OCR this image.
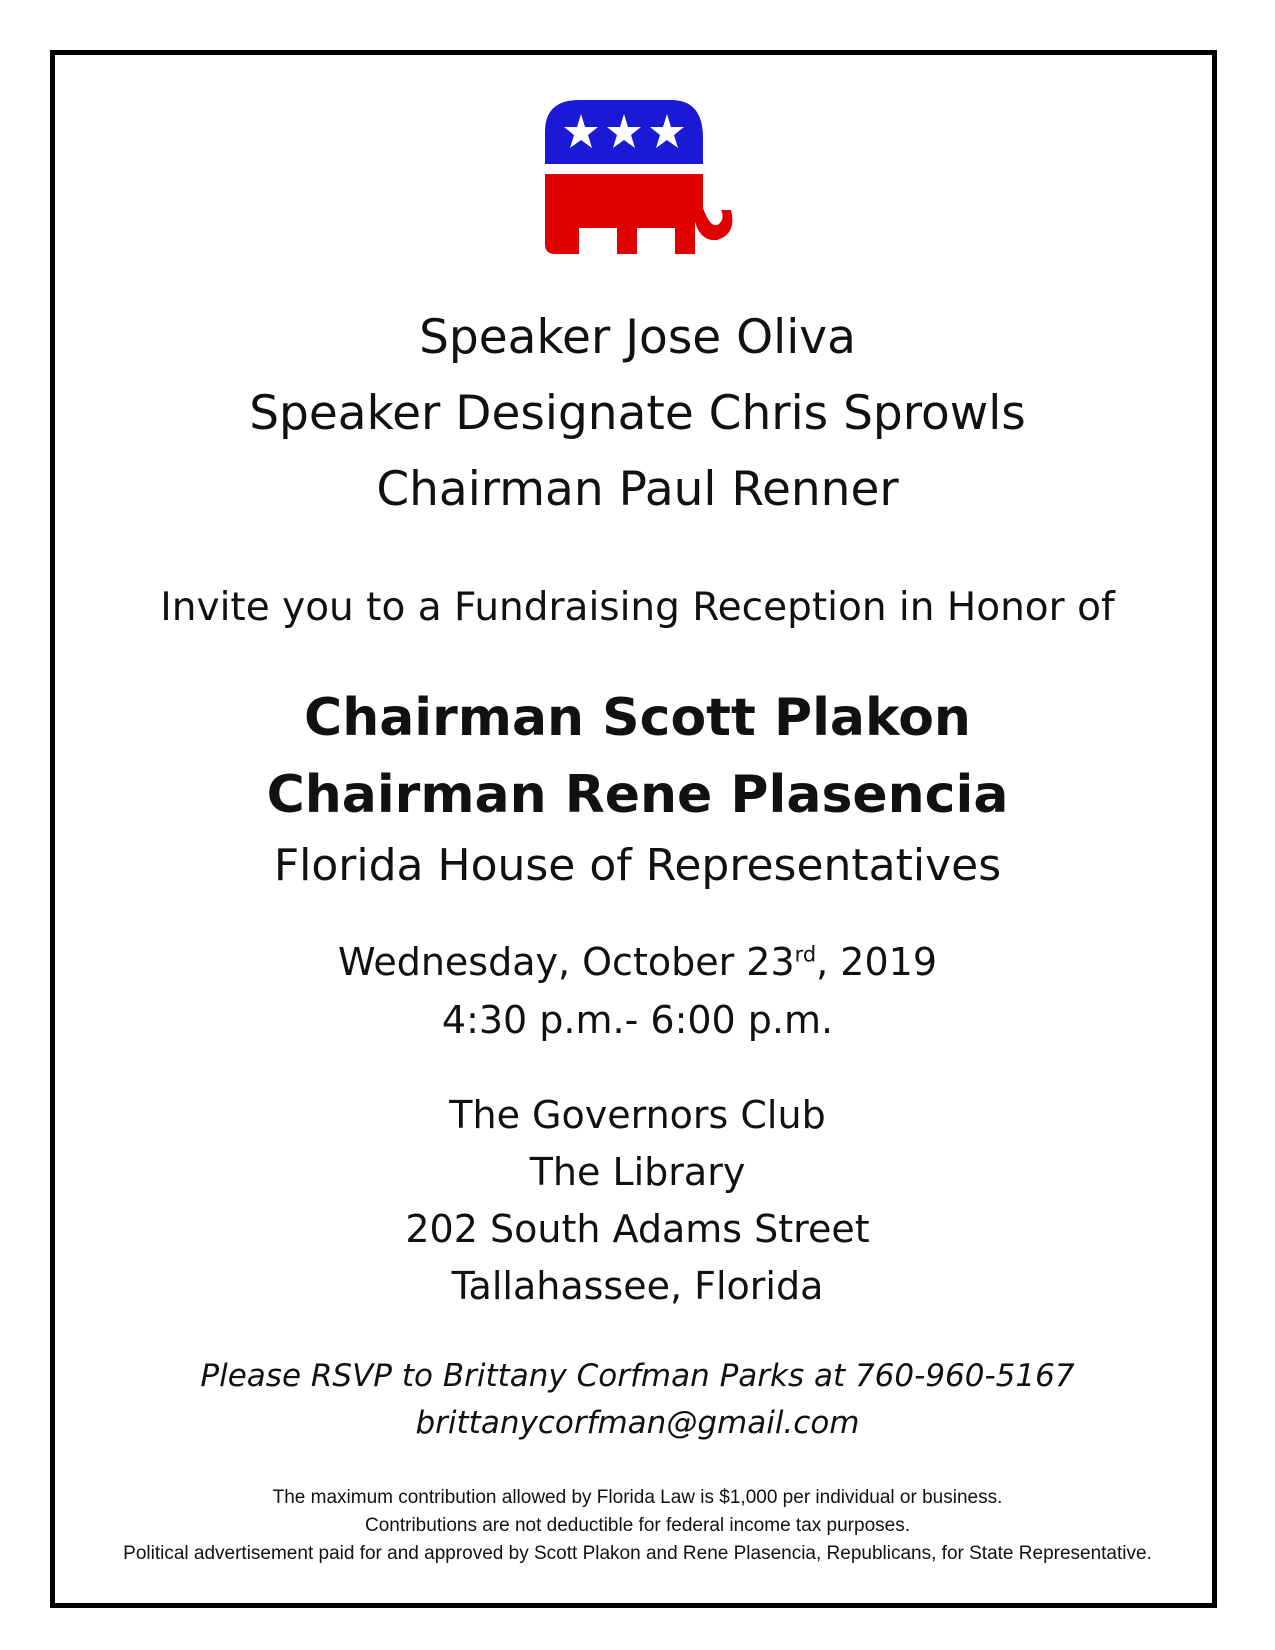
Speaker Jose Oliva
Speaker Designate Chris Sprowls
Chairman Paul Renner
Invite you to a Fundraising Reception in Honor of
Chairman Scott Plakon
Chairman Rene Plasencia
Florida House of Representatives
Wednesday, October 23rd, 2019
4:30 p.m.- 6:00 p.m.
The Governors Club
The Library
202 South Adams Street
Tallahassee, Florida
Please RSVP to Brittany Corfman Parks at 760-960-5167
brittanycorfman@gmail.com
The maximum contribution allowed by Florida Law is $1,000 per individual or business.
Contributions are not deductible for federal income tax purposes.
Political advertisement paid for and approved by Scott Plakon and Rene Plasencia, Republicans, for State Representative.
